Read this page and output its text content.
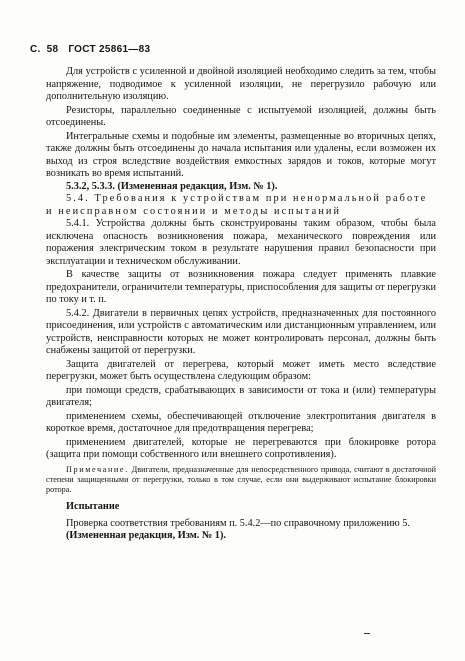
С. 58 ГОСТ 25861—83

Для устройств с усиленной и двойной изоляцией необходимо следить за тем, чтобы напряжение, подводимое к усиленной изоляции, не перегрузило рабочую или дополнительную изоляцию.

Резисторы, параллельно соединенные с испытуемой изоляцией, должны быть отсоединены.

Интегральные схемы и подобные им элементы, размещенные во вторичных цепях, также должны быть отсоединены до начала испытания или удалены, если возможен их выход из строя вследствие воздействия емкостных зарядов и токов, которые могут возникать во время испытаний.

5.3.2, 5.3.3. (Измененная редакция, Изм. № 1).

5.4. Требования к устройствам при ненормальной работе и неисправном состоянии и методы испытаний

5.4.1. Устройства должны быть сконструированы таким образом, чтобы была исключена опасность возникновения пожара, механического повреждения или поражения электрическим током в результате нарушения правил безопасности при эксплуатации и техническом обслуживании.

В качестве защиты от возникновения пожара следует применять плавкие предохранители, ограничители температуры, приспособления для защиты от перегрузки по току и т. п.

5.4.2. Двигатели в первичных цепях устройств, предназначенных для постоянного присоединения, или устройств с автоматическим или дистанционным управлением, или устройств, неисправности которых не может контролировать персонал, должны быть снабжены защитой от перегрузки.

Защита двигателей от перегрева, который может иметь место вследствие перегрузки, может быть осуществлена следующим образом:

при помощи средств, срабатывающих в зависимости от тока и (или) температуры двигателя;

применением схемы, обеспечивающей отключение электропитания двигателя в короткое время, достаточное для предотвращения перегрева;

применением двигателей, которые не перегреваются при блокировке ротора (защита при помощи собственного или внешнего сопротивления).

Примечание. Двигатели, предназначенные для непосредственного привода, считают в достаточной степени защищенными от перегрузки, только в том случае, если они выдерживают испытание блокировки ротора.

Испытание

Проверка соответствия требованиям п. 5.4.2—по справочному приложению 5.

(Измененная редакция, Изм. № 1).
